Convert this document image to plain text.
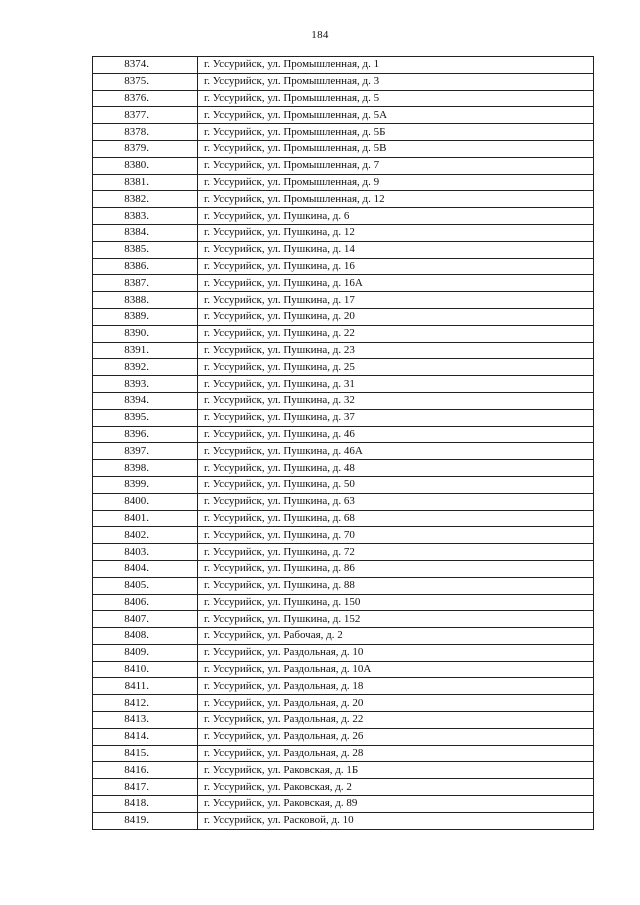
184
8374.	г. Уссурийск, ул. Промышленная, д. 1
8375.	г. Уссурийск, ул. Промышленная, д. 3
8376.	г. Уссурийск, ул. Промышленная, д. 5
8377.	г. Уссурийск, ул. Промышленная, д. 5А
8378.	г. Уссурийск, ул. Промышленная, д. 5Б
8379.	г. Уссурийск, ул. Промышленная, д. 5В
8380.	г. Уссурийск, ул. Промышленная, д. 7
8381.	г. Уссурийск, ул. Промышленная, д. 9
8382.	г. Уссурийск, ул. Промышленная, д. 12
8383.	г. Уссурийск, ул. Пушкина, д. 6
8384.	г. Уссурийск, ул. Пушкина, д. 12
8385.	г. Уссурийск, ул. Пушкина, д. 14
8386.	г. Уссурийск, ул. Пушкина, д. 16
8387.	г. Уссурийск, ул. Пушкина, д. 16А
8388.	г. Уссурийск, ул. Пушкина, д. 17
8389.	г. Уссурийск, ул. Пушкина, д. 20
8390.	г. Уссурийск, ул. Пушкина, д. 22
8391.	г. Уссурийск, ул. Пушкина, д. 23
8392.	г. Уссурийск, ул. Пушкина, д. 25
8393.	г. Уссурийск, ул. Пушкина, д. 31
8394.	г. Уссурийск, ул. Пушкина, д. 32
8395.	г. Уссурийск, ул. Пушкина, д. 37
8396.	г. Уссурийск, ул. Пушкина, д. 46
8397.	г. Уссурийск, ул. Пушкина, д. 46А
8398.	г. Уссурийск, ул. Пушкина, д. 48
8399.	г. Уссурийск, ул. Пушкина, д. 50
8400.	г. Уссурийск, ул. Пушкина, д. 63
8401.	г. Уссурийск, ул. Пушкина, д. 68
8402.	г. Уссурийск, ул. Пушкина, д. 70
8403.	г. Уссурийск, ул. Пушкина, д. 72
8404.	г. Уссурийск, ул. Пушкина, д. 86
8405.	г. Уссурийск, ул. Пушкина, д. 88
8406.	г. Уссурийск, ул. Пушкина, д. 150
8407.	г. Уссурийск, ул. Пушкина, д. 152
8408.	г. Уссурийск, ул. Рабочая, д. 2
8409.	г. Уссурийск, ул. Раздольная, д. 10
8410.	г. Уссурийск, ул. Раздольная, д. 10А
8411.	г. Уссурийск, ул. Раздольная, д. 18
8412.	г. Уссурийск, ул. Раздольная, д. 20
8413.	г. Уссурийск, ул. Раздольная, д. 22
8414.	г. Уссурийск, ул. Раздольная, д. 26
8415.	г. Уссурийск, ул. Раздольная, д. 28
8416.	г. Уссурийск, ул. Раковская, д. 1Б
8417.	г. Уссурийск, ул. Раковская, д. 2
8418.	г. Уссурийск, ул. Раковская, д. 89
8419.	г. Уссурийск, ул. Расковой, д. 10
